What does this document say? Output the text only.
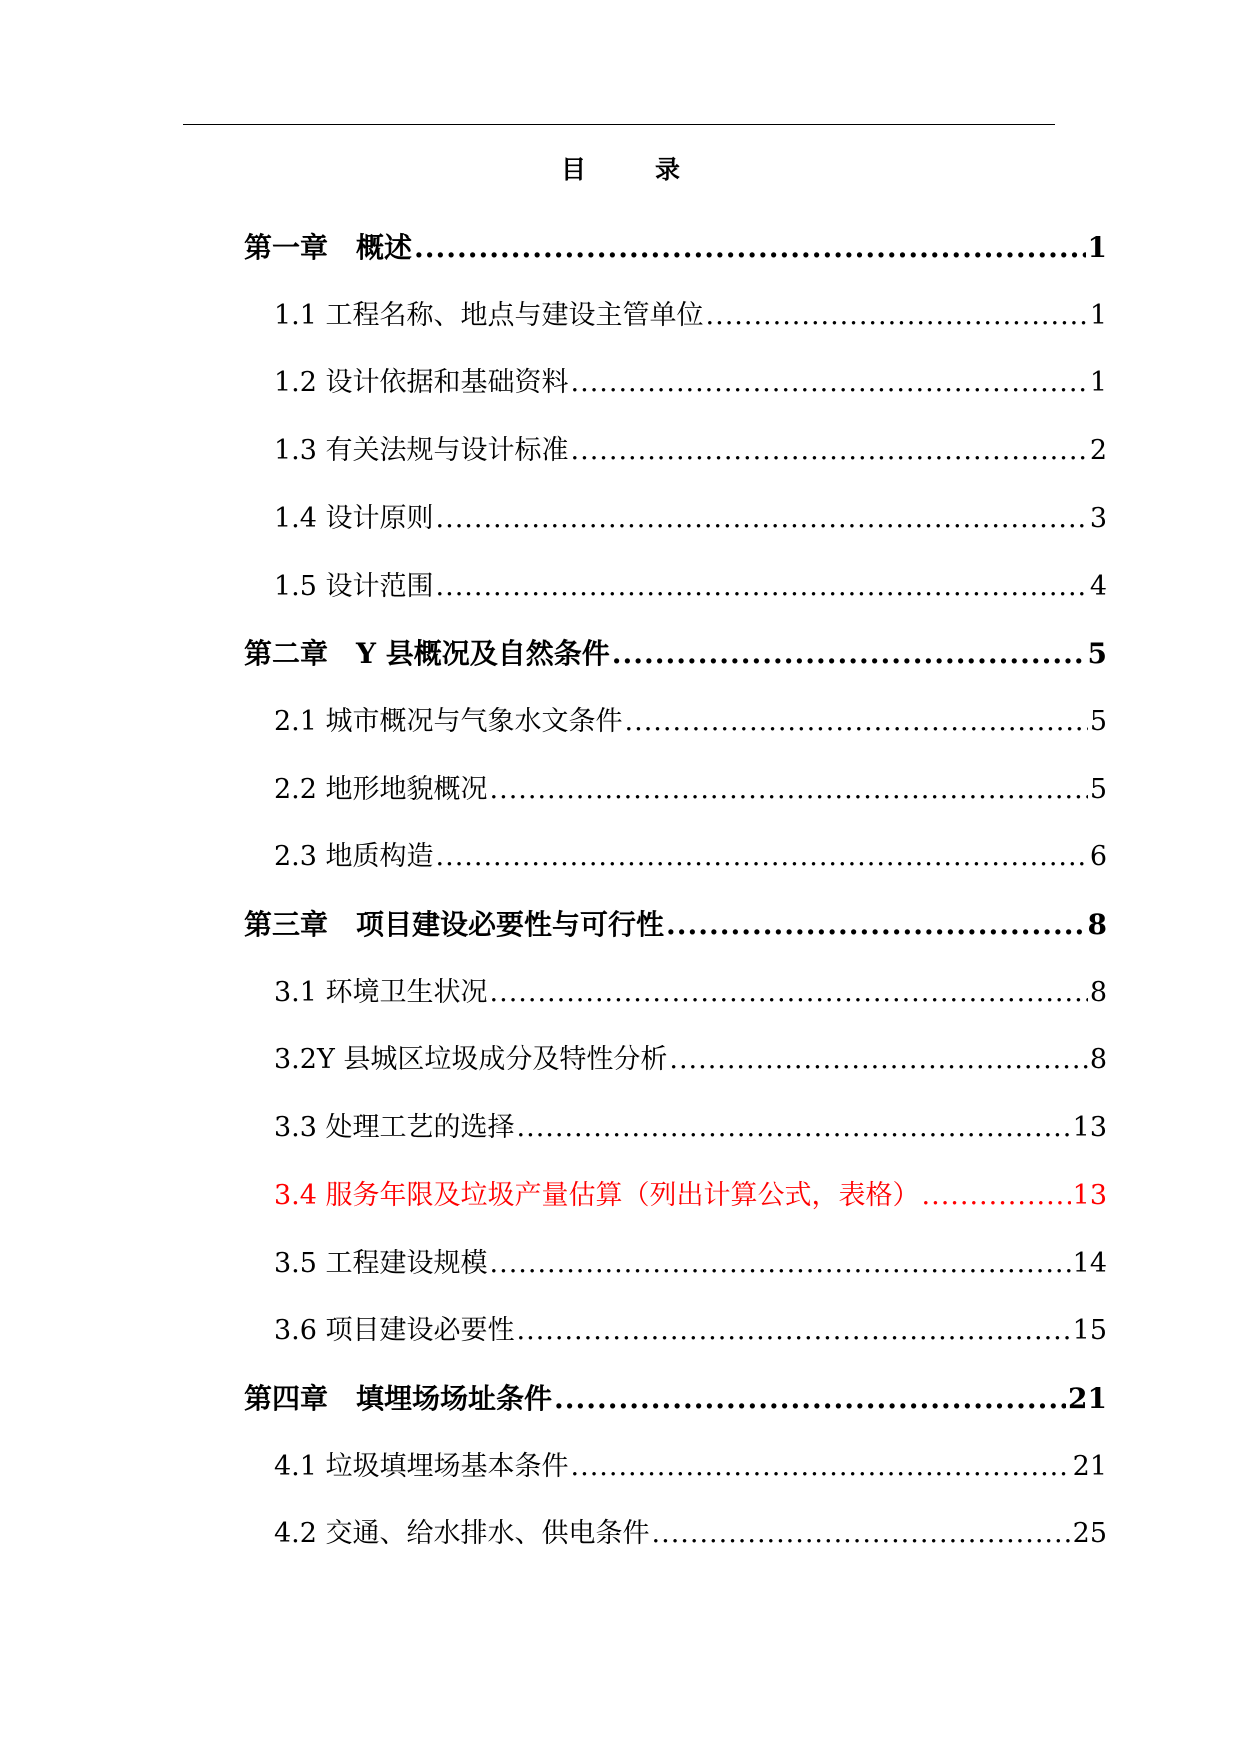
目　录
第一章　概述 .....	1
1.1 工程名称、地点与建设主管单位 .....	1
1.2 设计依据和基础资料 .....	1
1.3 有关法规与设计标准 .....	2
1.4 设计原则 .....	3
1.5 设计范围 .....	4
第二章　Y 县概况及自然条件 .....	5
2.1 城市概况与气象水文条件 .....	5
2.2 地形地貌概况 .....	5
2.3 地质构造 .....	6
第三章　项目建设必要性与可行性 .....	8
3.1 环境卫生状况 .....	8
3.2Y 县城区垃圾成分及特性分析 .....	8
3.3 处理工艺的选择 .....	13
3.4 服务年限及垃圾产量估算（列出计算公式，表格） .....	13
3.5 工程建设规模 .....	14
3.6 项目建设必要性 .....	15
第四章　填埋场场址条件 .....	21
4.1 垃圾填埋场基本条件 .....	21
4.2 交通、给水排水、供电条件 .....	25
